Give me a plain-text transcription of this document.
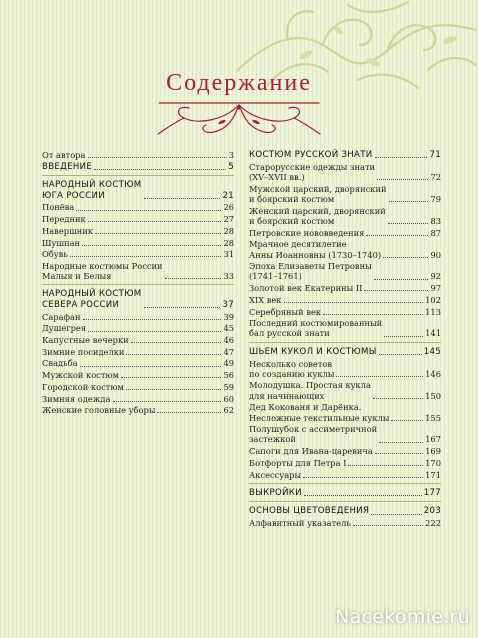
Содержание
От автора	3
ВВЕДЕНИЕ	5
НАРОДНЫЙ КОСТЮМ
ЮГА РОССИИ	21
Понёва	26
Передник	27
Навершник	28
Шушпан	28
Обувь	31
Народные костюмы России
Малыя и Белыя	33
НАРОДНЫЙ КОСТЮМ
СЕВЕРА РОССИИ	37
Сарафан	39
Душегрея	45
Капустные вечерки	46
Зимние посиделки	47
Свадьба	49
Мужской костюм	56
Городской костюм	59
Зимняя одежда	60
Женские головные уборы	62
КОСТЮМ РУССКОЙ ЗНАТИ	71
Старорусские одежды знати
(XV–XVII вв.)	72
Мужской царский, дворянский
и боярский костюм	79
Женский царский, дворянский
и боярский костюм	83
Петровские нововведения	87
Мрачное десятилетие
Анны Иоанновны (1730–1740)	90
Эпоха Елизаветы Петровны
(1741–1761)	92
Золотой век Екатерины II	97
XIX век	102
Серебряный век	113
Последний костюмированный
бал русской знати	141
ШЬЕМ КУКОЛ И КОСТЮМЫ	145
Несколько советов
по созданию куклы	146
Молодушка. Простая кукла
для начинающих	150
Дед Кокованя и Дарёнка.
Несложные текстильные куклы	155
Полушубок с ассиметричной
застежкой	167
Сапоги для Ивана-царевича	169
Ботфорты для Петра I	170
Аксессуары	171
ВЫКРОЙКИ	177
ОСНОВЫ ЦВЕТОВЕДЕНИЯ	203
Алфавитный указатель	222
Nacekomie.ru
